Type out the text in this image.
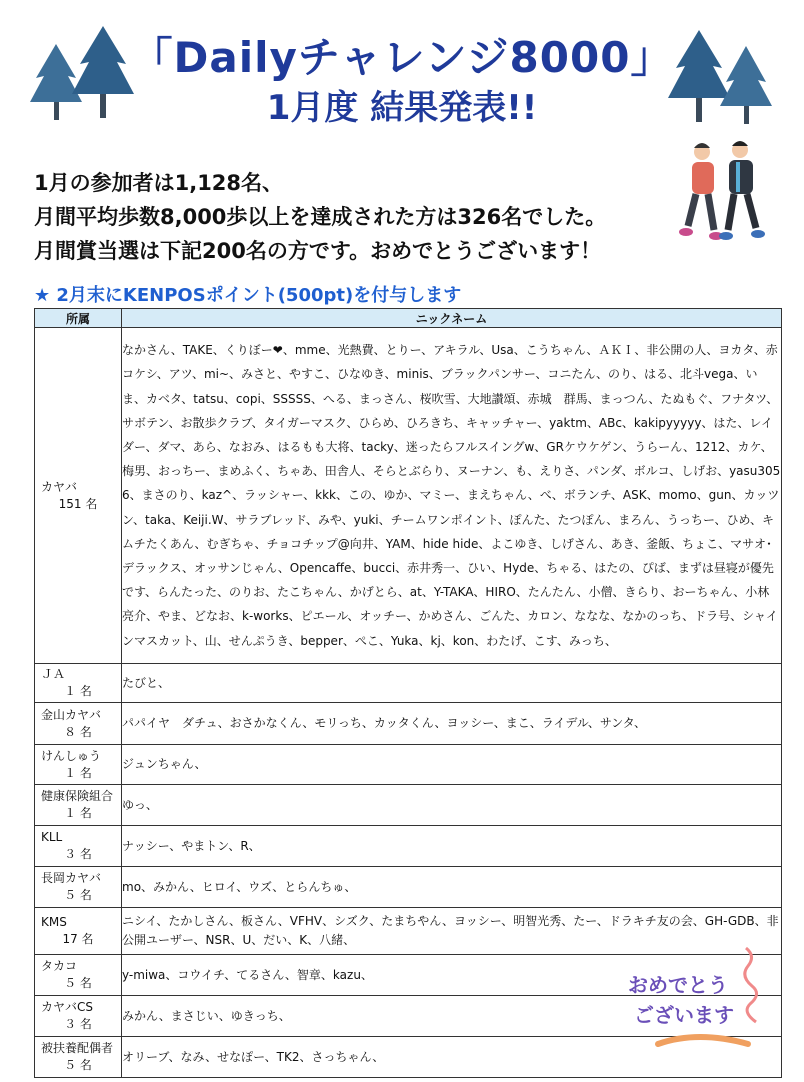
「Dailyチャレンジ8000」
1月度 結果発表!!
1月の参加者は1,128名、
月間平均歩数8,000歩以上を達成された方は326名でした。
月間賞当選は下記200名の方です。おめでとうございます！
★ 2月末にKENPOSポイント(500pt)を付与します
所属	ニックネーム

カヤバ
151 名	なかさん、TAKE、くりぼー❤、mme、光熱費、とりー、アキラル、Usa、こうちゃん、ＡＫＩ、非公開の人、ヨカタ、赤コケシ、アツ、mi~、みさと、やすこ、ひなゆき、minis、ブラックパンサー、コニたん、のり、はる、北斗vega、いま、カベタ、tatsu、copi、SSSSS、へる、まっさん、桜吹雪、大地讃頌、赤城　群馬、まっつん、たぬもぐ、フナタツ、サボテン、お散歩クラブ、タイガーマスク、ひらめ、ひろきち、キャッチャー、yaktm、ABc、kakipyyyyy、はた、レイダー、ダマ、あら、なおみ、はるもも大将、tacky、迷ったらフルスイングw、GRケウケゲン、うらーん、1212、カケ、梅男、おっちー、まめふく、ちゃあ、田舎人、そらとぶらり、ヌーナン、も、えりさ、パンダ、ボルコ、しげお、yasu3056、まさのり、kaz^、ラッシャー、kkk、この、ゆか、マミー、まえちゃん、べ、ボランチ、ASK、momo、gun、カッツン、taka、Keiji.W、サラブレッド、みや、yuki、チームワンポイント、ぽんた、たつぽん、まろん、うっちー、ひめ、キムチたくあん、むぎちゃ、チョコチップ@向井、YAM、hide hide、よこゆき、しげさん、あき、釜飯、ちょこ、マサオ･デラックス、オッサンじゃん、Opencaffe、bucci、赤井秀一、ひい、Hyde、ちゃる、はたの、ぴば、まずは昼寝が優先です、らんたった、のりお、たこちゃん、かげとら、at、Y-TAKA、HIRO、たんたん、小僧、きらり、おーちゃん、小林亮介、やま、どなお、k-works、ピエール、オッチー、かめさん、ごんた、カロン、ななな、なかのっち、ドラ号、シャインマスカット、山、せんぷうき、bepper、ぺこ、Yuka、kj、kon、わたげ、こす、みっち、

ＪＡ
１ 名	たびと、

金山カヤバ
８ 名	パパイヤ　ダチュ、おさかなくん、モリっち、カッタくん、ヨッシー、まこ、ライデル、サンタ、

けんしゅう
１ 名	ジュンちゃん、

健康保険組合
１ 名	ゆっ、

KLL
３ 名	ナッシー、やまトン、R、

長岡カヤバ
５ 名	mo、みかん、ヒロイ、ウズ、とらんちゅ、

KMS
17 名	ニシイ、たかしさん、板さん、VFHV、シズク、たまちやん、ヨッシー、明智光秀、たー、ドラキチ友の会、GH-GDB、非公開ユーザー、NSR、U、だい、K、八緒、

タカコ
５ 名	y-miwa、コウイチ、てるさん、智章、kazu、

カヤバCS
３ 名	みかん、まさじい、ゆきっち、

被扶養配偶者
５ 名	オリーブ、なみ、せなぽー、TK2、さっちゃん、
おめでとう
ございます
